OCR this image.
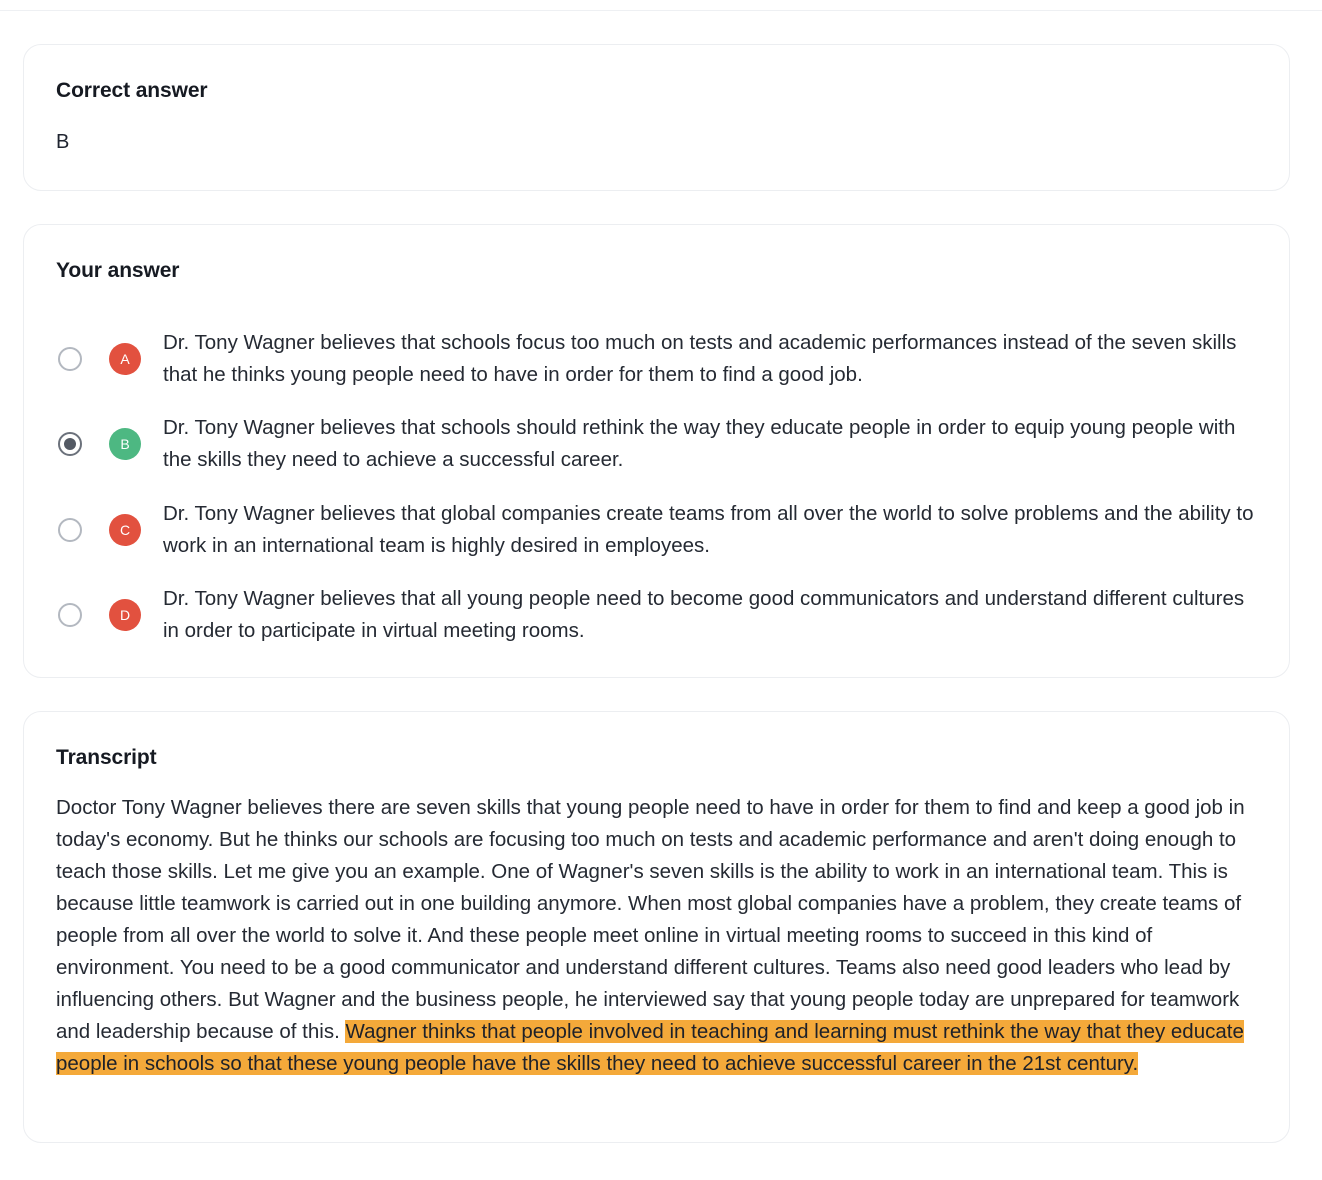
Correct answer
B
Your answer
A
Dr. Tony Wagner believes that schools focus too much on tests and academic performances instead of the seven skills that he thinks young people need to have in order for them to find a good job.
B
Dr. Tony Wagner believes that schools should rethink the way they educate people in order to equip young people with the skills they need to achieve a successful career.
C
Dr. Tony Wagner believes that global companies create teams from all over the world to solve problems and the ability to work in an international team is highly desired in employees.
D
Dr. Tony Wagner believes that all young people need to become good communicators and understand different cultures in order to participate in virtual meeting rooms.
Transcript
Doctor Tony Wagner believes there are seven skills that young people need to have in order for them to find and keep a good job in today's economy. But he thinks our schools are focusing too much on tests and academic performance and aren't doing enough to teach those skills. Let me give you an example. One of Wagner's seven skills is the ability to work in an international team. This is because little teamwork is carried out in one building anymore. When most global companies have a problem, they create teams of people from all over the world to solve it. And these people meet online in virtual meeting rooms to succeed in this kind of environment. You need to be a good communicator and understand different cultures. Teams also need good leaders who lead by influencing others. But Wagner and the business people, he interviewed say that young people today are unprepared for teamwork and leadership because of this. Wagner thinks that people involved in teaching and learning must rethink the way that they educate people in schools so that these young people have the skills they need to achieve successful career in the 21st century.
